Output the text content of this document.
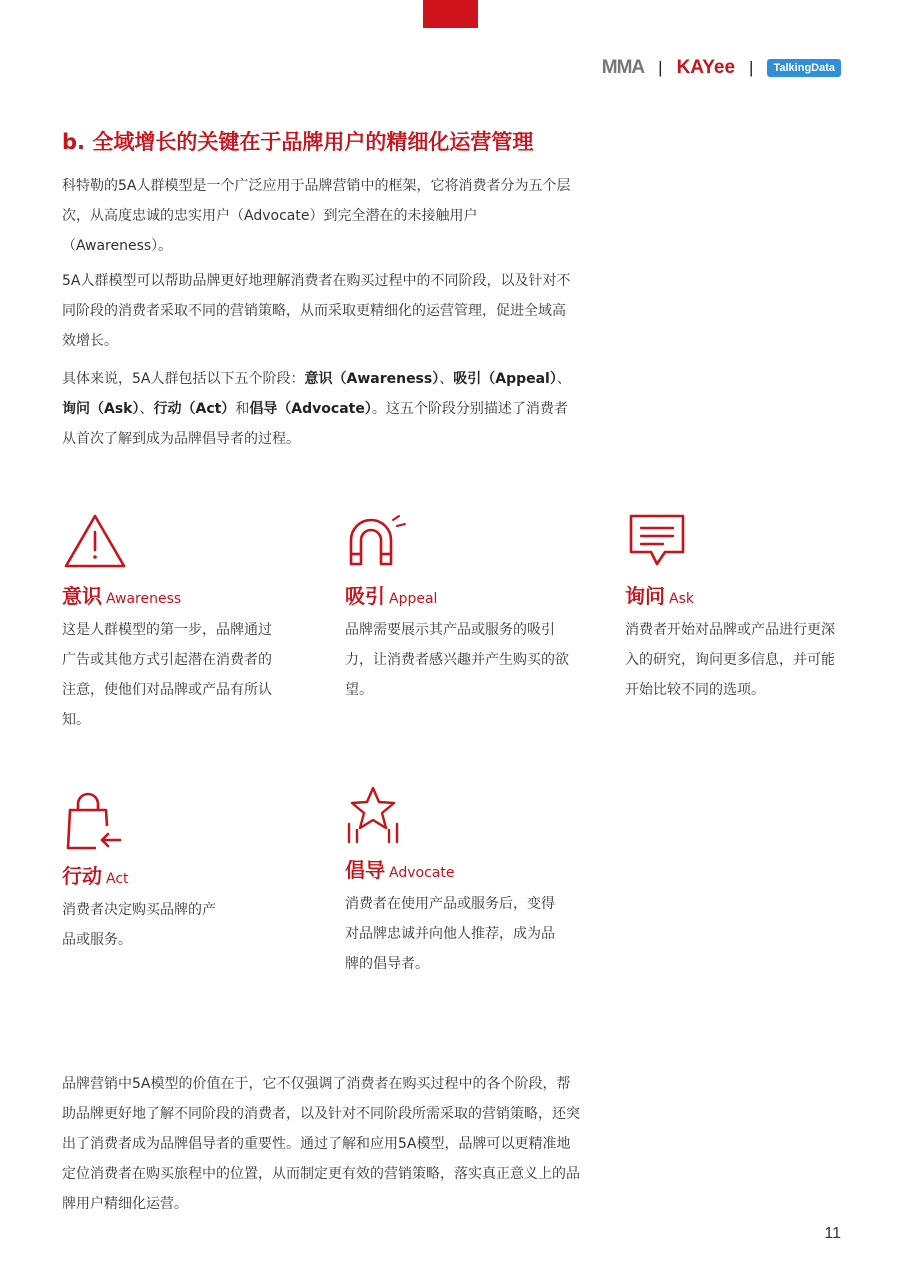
MMA | KAYee |	TalkingData
b. 全域增长的关键在于品牌用户的精细化运营管理

科特勒的5A人群模型是一个广泛应用于品牌营销中的框架，它将消费者分为五个层次，从高度忠诚的忠实用户（Advocate）到完全潜在的未接触用户（Awareness）。

5A人群模型可以帮助品牌更好地理解消费者在购买过程中的不同阶段，以及针对不同阶段的消费者采取不同的营销策略，从而采取更精细化的运营管理，促进全域高效增长。

具体来说，5A人群包括以下五个阶段：意识（Awareness）、吸引（Appeal）、询问（Ask）、行动（Act）和倡导（Advocate）。这五个阶段分别描述了消费者从首次了解到成为品牌倡导者的过程。

意识 Awareness

这是人群模型的第一步，品牌通过广告或其他方式引起潜在消费者的注意，使他们对品牌或产品有所认知。

吸引 Appeal

品牌需要展示其产品或服务的吸引力，让消费者感兴趣并产生购买的欲望。

询问 Ask

消费者开始对品牌或产品进行更深入的研究，询问更多信息，并可能开始比较不同的选项。

行动 Act

消费者决定购买品牌的产品或服务。

倡导 Advocate

消费者在使用产品或服务后，变得对品牌忠诚并向他人推荐，成为品牌的倡导者。

品牌营销中5A模型的价值在于，它不仅强调了消费者在购买过程中的各个阶段，帮助品牌更好地了解不同阶段的消费者，以及针对不同阶段所需采取的营销策略，还突出了消费者成为品牌倡导者的重要性。通过了解和应用5A模型，品牌可以更精准地定位消费者在购买旅程中的位置，从而制定更有效的营销策略，落实真正意义上的品牌用户精细化运营。

11
